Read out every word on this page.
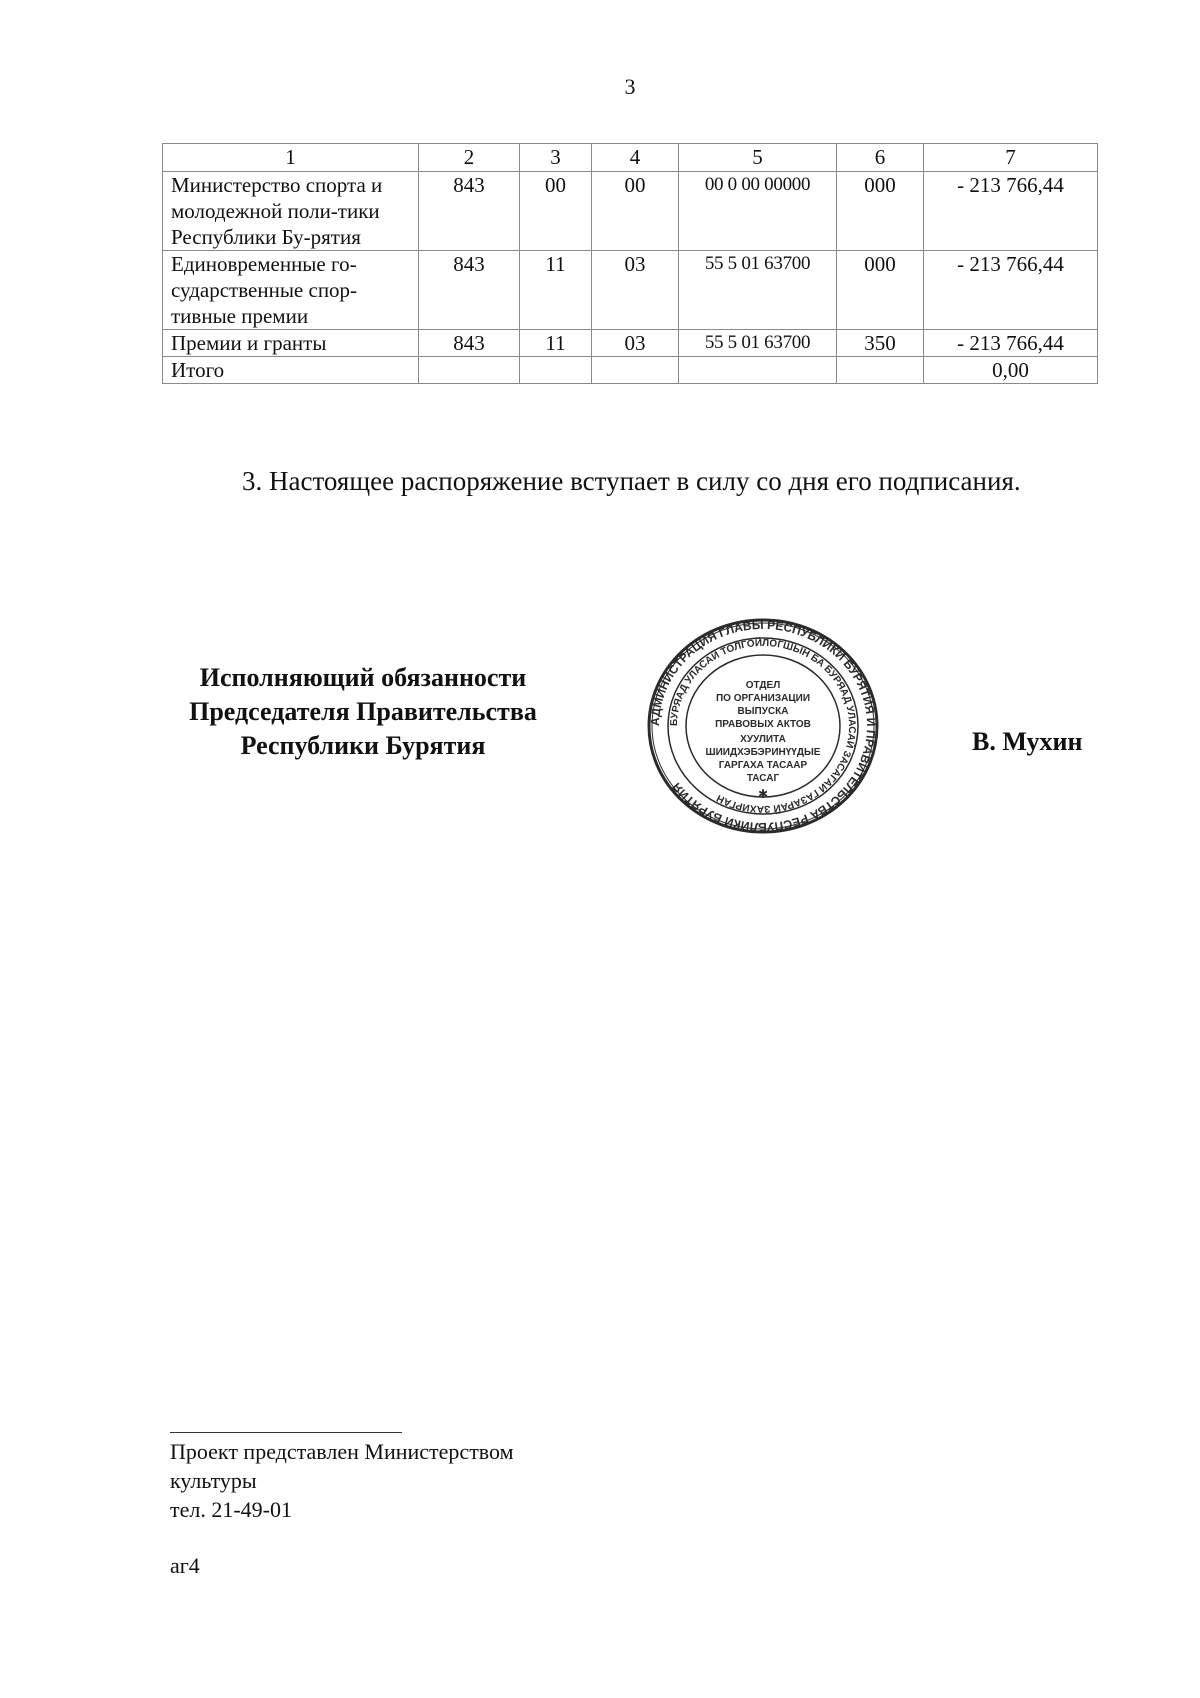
3
1	2	3	4	5	6	7
Министерство спорта и молодежной поли-тики Республики Бу-рятия	843	00	00	00 0 00 00000	000	- 213 766,44
Единовременные го-сударственные спор-тивные премии	843	11	03	55 5 01 63700	000	- 213 766,44
Премии и гранты	843	11	03	55 5 01 63700	350	- 213 766,44
Итого						0,00
3. Настоящее распоряжение вступает в силу со дня его подписания.
Исполняющий обязанности
Председателя Правительства
Республики Бурятия
АДМИНИСТРАЦИЯ ГЛАВЫ РЕСПУБЛИКИ БУРЯТИЯ И ПРАВИТЕЛЬСТВА РЕСПУБЛИКИ БУРЯТИЯ
БУРЯАД УЛАСАЙ ТОЛГОЙЛОГШЫН БА БУРЯАД УЛАСАЙ ЗАСАГАЙ ГАЗАРАЙ ЗАХИРГАН
ОТДЕЛ
ПО ОРГАНИЗАЦИИ
ВЫПУСКА
ПРАВОВЫХ АКТОВ
ХУУЛИТА
ШИИДХЭБЭРИНҮҮДЫЕ
ГАРГАХА ТАСААР
ТАСАГ
✱
В. Мухин
Проект представлен Министерством
культуры
тел. 21-49-01
аг4
